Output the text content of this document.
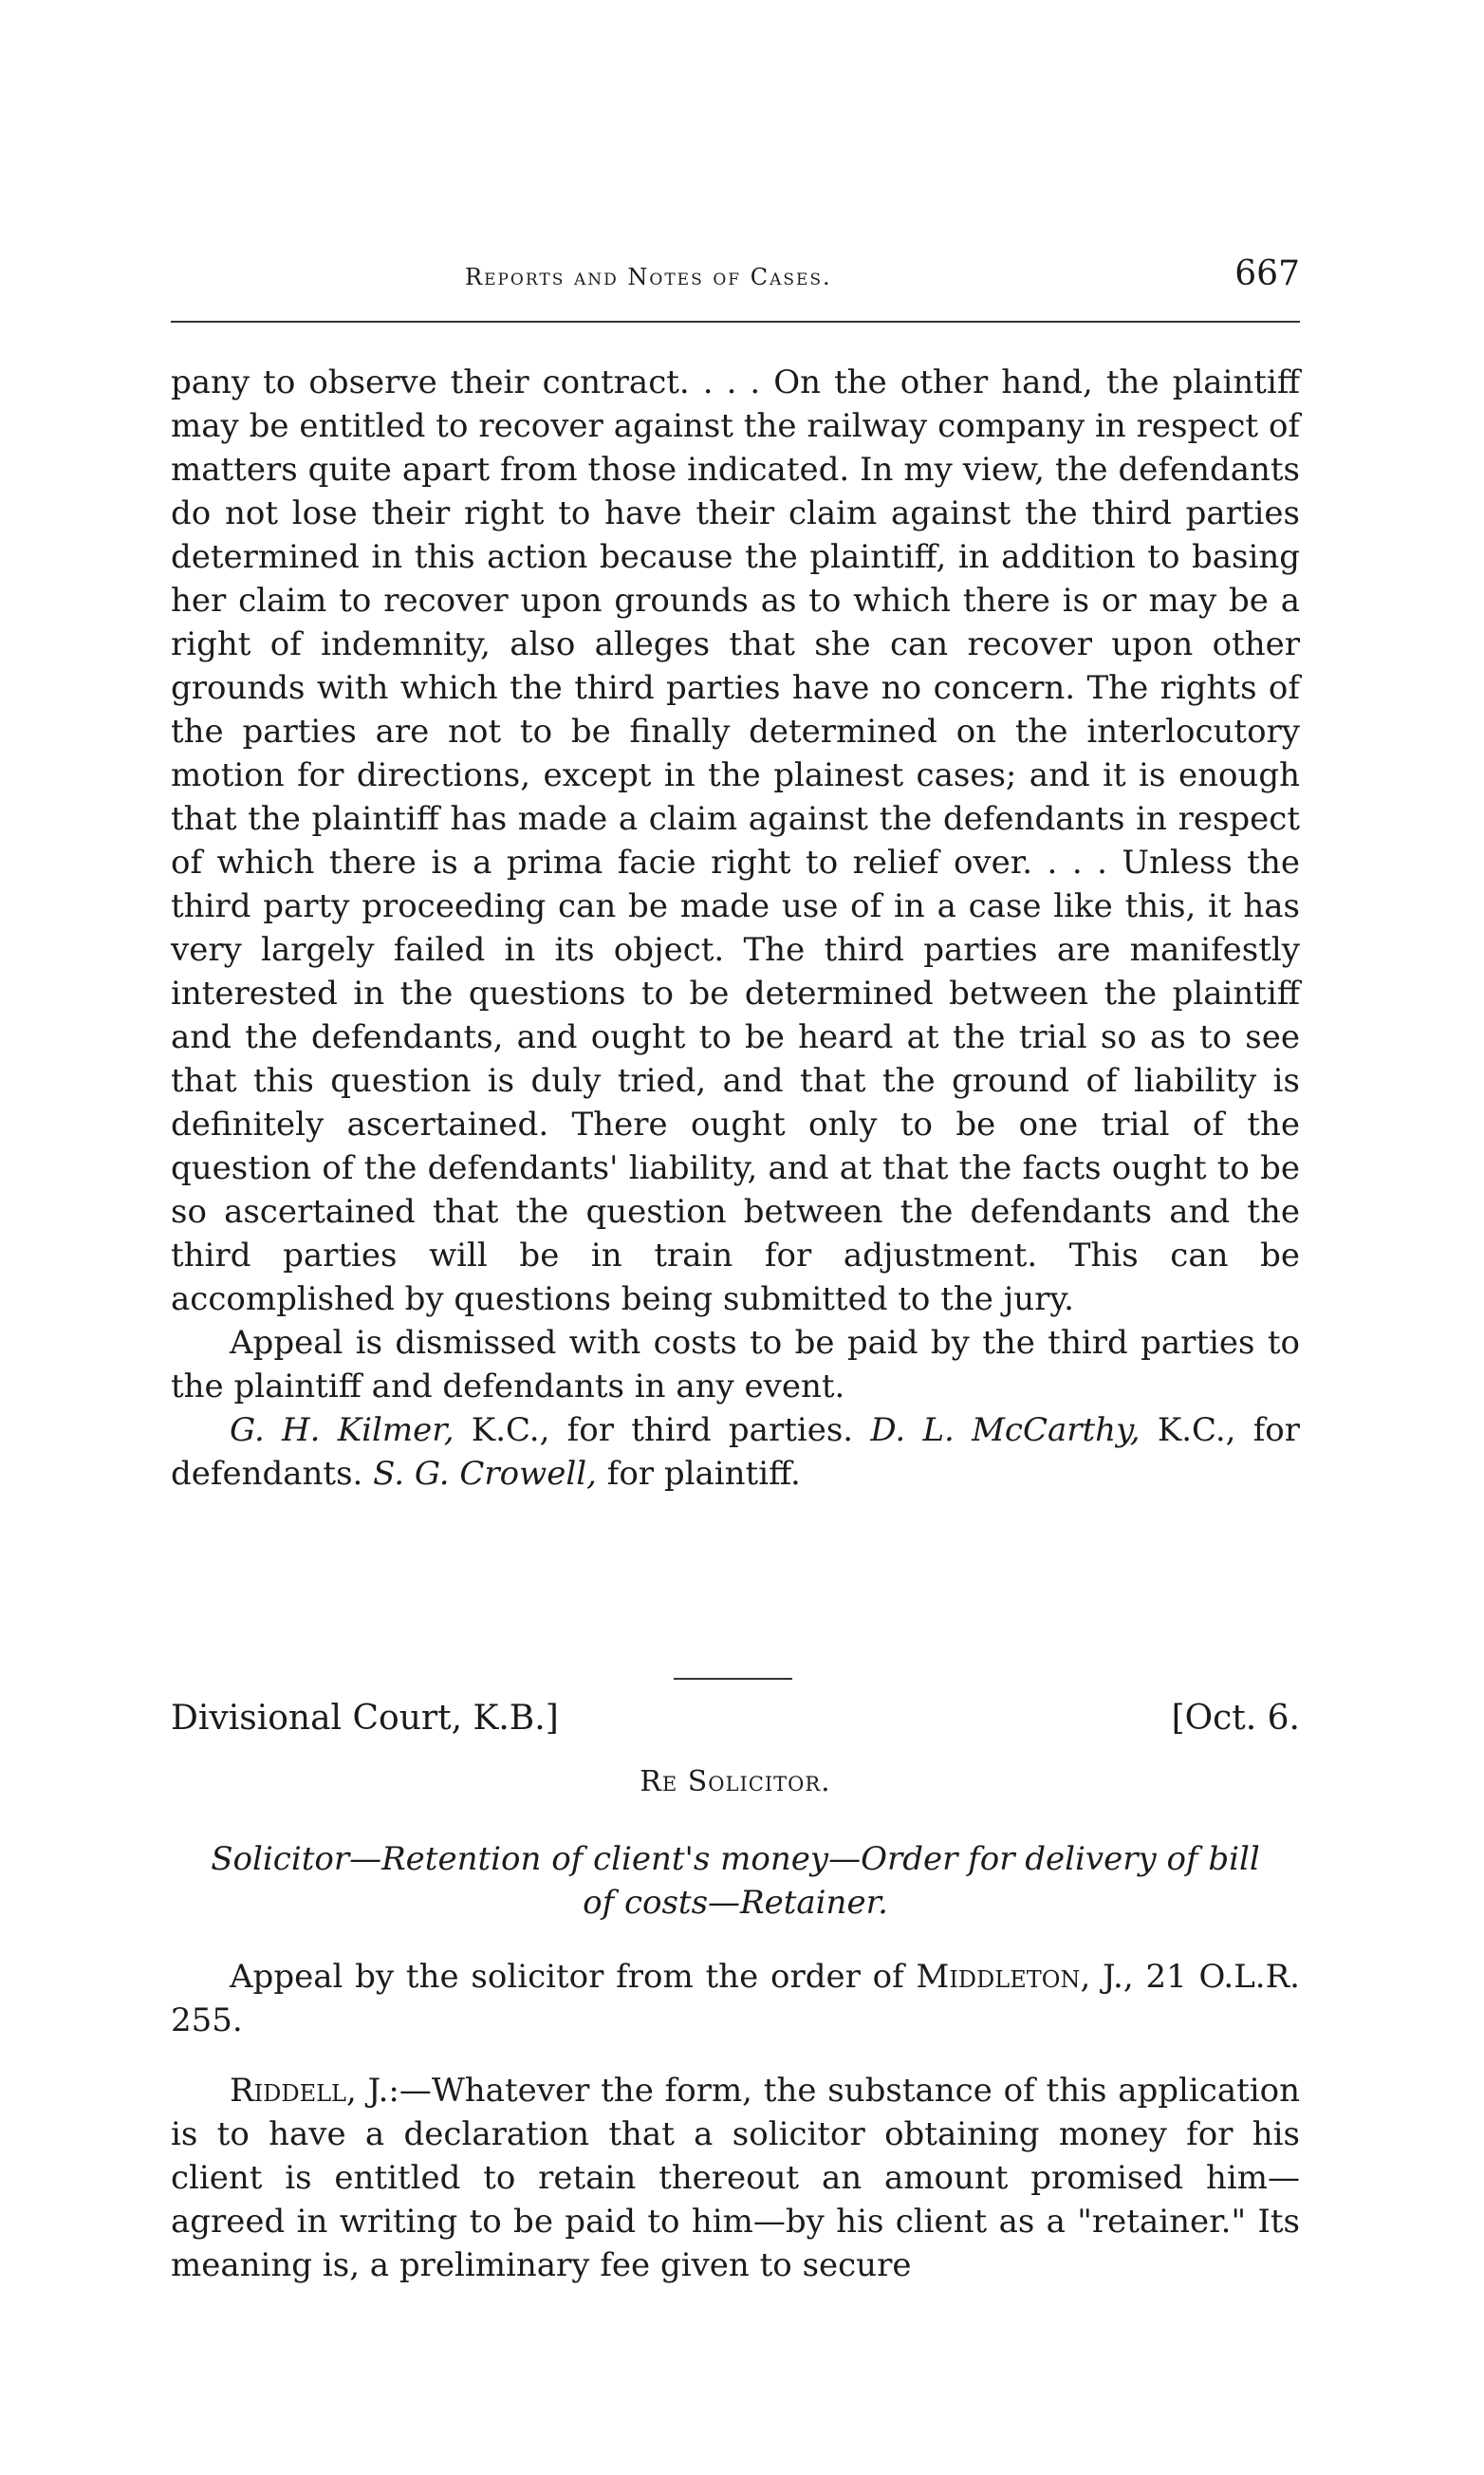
Reports and Notes of Cases.	667

pany to observe their contract. . . . On the other hand, the plaintiff may be entitled to recover against the railway company in respect of matters quite apart from those indicated. In my view, the defendants do not lose their right to have their claim against the third parties determined in this action because the plaintiff, in addition to basing her claim to recover upon grounds as to which there is or may be a right of indemnity, also alleges that she can recover upon other grounds with which the third parties have no concern. The rights of the parties are not to be finally determined on the interlocutory motion for directions, except in the plainest cases; and it is enough that the plaintiff has made a claim against the defendants in respect of which there is a prima facie right to relief over. . . . Unless the third party proceeding can be made use of in a case like this, it has very largely failed in its object. The third parties are manifestly interested in the questions to be determined between the plaintiff and the defendants, and ought to be heard at the trial so as to see that this question is duly tried, and that the ground of liability is definitely ascertained. There ought only to be one trial of the question of the defendants' liability, and at that the facts ought to be so ascertained that the question between the defendants and the third parties will be in train for adjustment. This can be accomplished by questions being submitted to the jury.

Appeal is dismissed with costs to be paid by the third parties to the plaintiff and defendants in any event.

G. H. Kilmer, K.C., for third parties. D. L. McCarthy, K.C., for defendants. S. G. Crowell, for plaintiff.

Divisional Court, K.B.]	[Oct. 6.
Re Solicitor.
Solicitor—Retention of client's money—Order for delivery of bill
of costs—Retainer.

Appeal by the solicitor from the order of Middleton, J., 21 O.L.R. 255.

Riddell, J.:—Whatever the form, the substance of this application is to have a declaration that a solicitor obtaining money for his client is entitled to retain thereout an amount promised him—agreed in writing to be paid to him—by his client as a "retainer." Its meaning is, a preliminary fee given to secure
